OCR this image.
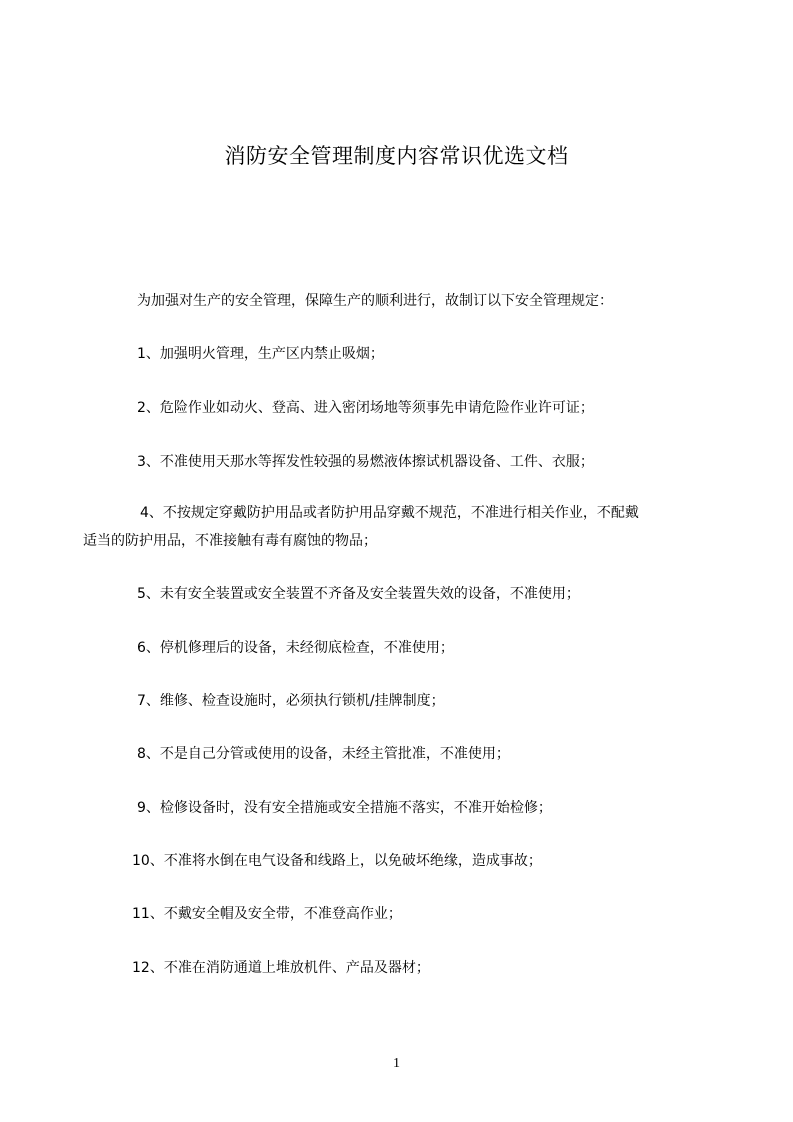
消防安全管理制度内容常识优选文档
为加强对生产的安全管理，保障生产的顺利进行，故制订以下安全管理规定：
1、加强明火管理，生产区内禁止吸烟；
2、危险作业如动火、登高、进入密闭场地等须事先申请危险作业许可证；
3、不准使用天那水等挥发性较强的易燃液体擦试机器设备、工件、衣服；
4、不按规定穿戴防护用品或者防护用品穿戴不规范，不准进行相关作业，不配戴
适当的防护用品，不准接触有毒有腐蚀的物品；
5、未有安全装置或安全装置不齐备及安全装置失效的设备，不准使用；
6、停机修理后的设备，未经彻底检查，不准使用；
7、维修、检查设施时，必须执行锁机/挂牌制度；
8、不是自己分管或使用的设备，未经主管批准，不准使用；
9、检修设备时，没有安全措施或安全措施不落实，不准开始检修；
10、不准将水倒在电气设备和线路上，以免破坏绝缘，造成事故；
11、不戴安全帽及安全带，不准登高作业；
12、不准在消防通道上堆放机件、产品及器材；
1
